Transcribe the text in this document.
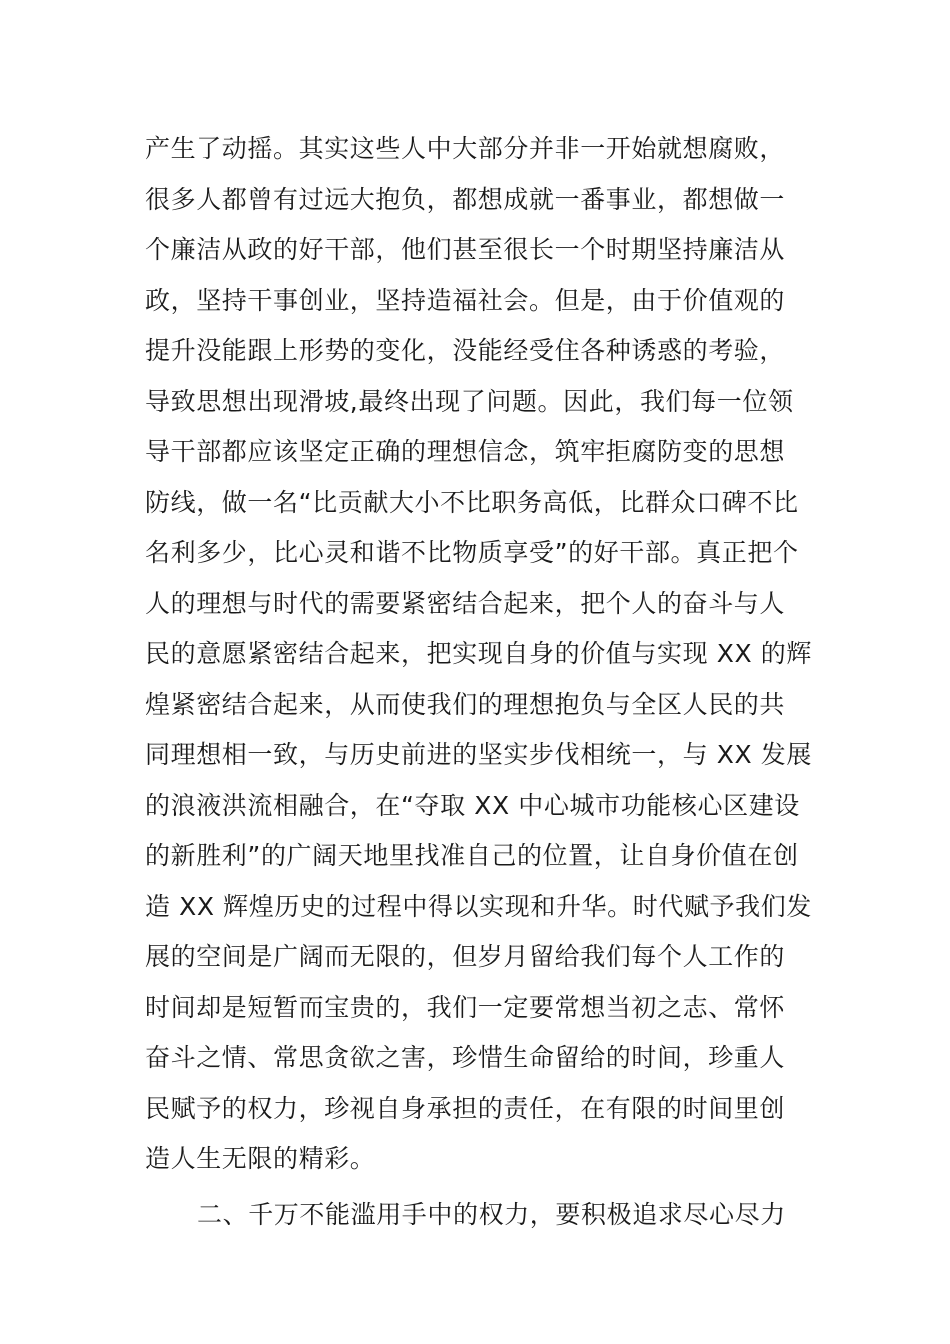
产生了动摇。其实这些人中大部分并非一开始就想腐败，
很多人都曾有过远大抱负，都想成就一番事业，都想做一
个廉洁从政的好干部，他们甚至很长一个时期坚持廉洁从
政，坚持干事创业，坚持造福社会。但是，由于价值观的
提升没能跟上形势的变化，没能经受住各种诱惑的考验，
导致思想出现滑坡,最终出现了问题。因此，我们每一位领
导干部都应该坚定正确的理想信念，筑牢拒腐防变的思想
防线，做一名“比贡献大小不比职务高低，比群众口碑不比
名利多少，比心灵和谐不比物质享受”的好干部。真正把个
人的理想与时代的需要紧密结合起来，把个人的奋斗与人
民的意愿紧密结合起来，把实现自身的价值与实现 XX 的辉
煌紧密结合起来，从而使我们的理想抱负与全区人民的共
同理想相一致，与历史前进的坚实步伐相统一，与 XX 发展
的浪液洪流相融合，在“夺取 XX 中心城市功能核心区建设
的新胜利”的广阔天地里找准自己的位置，让自身价值在创
造 XX 辉煌历史的过程中得以实现和升华。时代赋予我们发
展的空间是广阔而无限的，但岁月留给我们每个人工作的
时间却是短暂而宝贵的，我们一定要常想当初之志、常怀
奋斗之情、常思贪欲之害，珍惜生命留给的时间，珍重人
民赋予的权力，珍视自身承担的责任，在有限的时间里创
造人生无限的精彩。
二、千万不能滥用手中的权力，要积极追求尽心尽力
